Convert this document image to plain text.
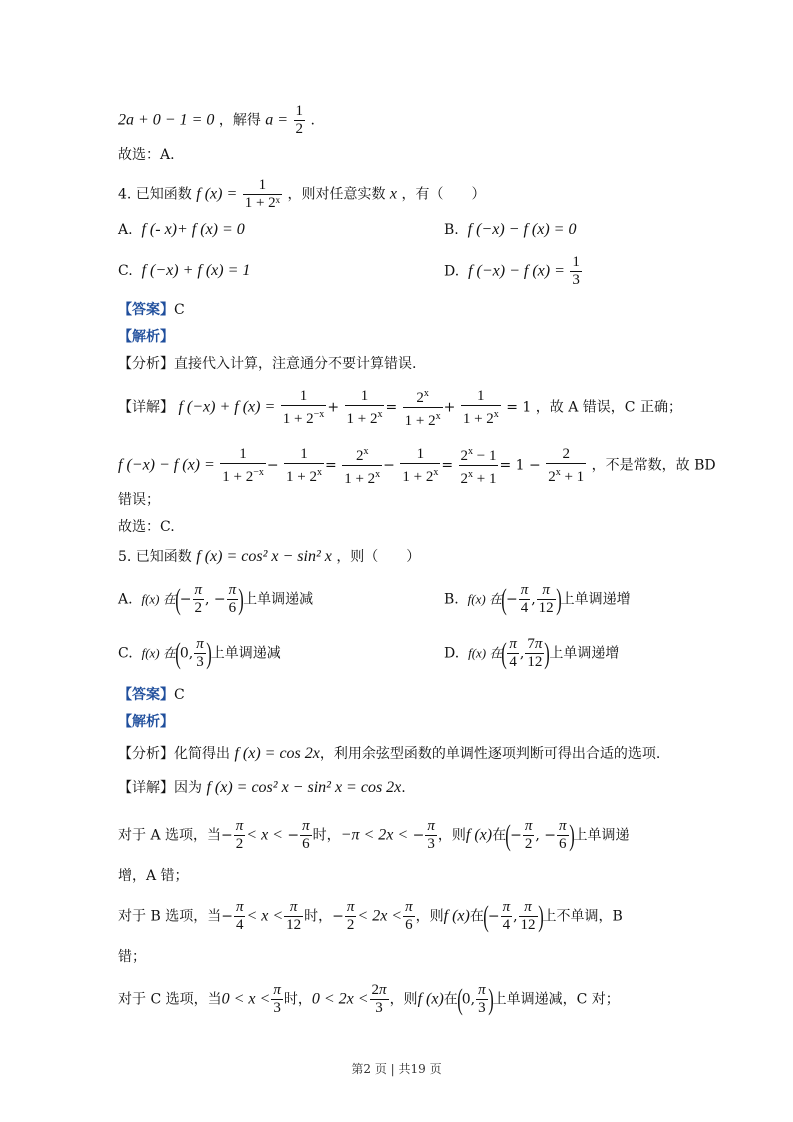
2a + 0 − 1 = 0 ，解得 $a = \frac{1}{2}$ .
故选：A.
4. 已知函数 f $(x) = \frac{1}{\text{1 + 2ˣ}}$ ，则对任意实数 x ，有（　　）
A. f (- x)+ f (x) = 0	B. f (−x) − f (x) = 0
C. f (−x) + f (x) = 1	D. f (−x) − f $(x) = \frac{1}{3}$
【答案】C
【解析】
【分析】直接代入计算，注意通分不要计算错误.
【详解】 f (−x) + f $(x) = \frac{1}{1 + 2^{-x}} + \frac{1}{1 + 2^x} = \frac{2^x}{1 + 2^x} + \frac{1}{1 + 2^x} = 1$ ，故 A 错误，C 正确；
f (−x) − f $(x) = \frac{1}{1 + 2^{-x}} - \frac{1}{1 + 2^x} = \frac{2^x}{1 + 2^x} - \frac{1}{1 + 2^x} = \frac{2^x - 1}{2^x + 1} = 1 - \frac{2}{2^x + 1}$ ，不是常数，故 BD
错误；
故选：C.
5. 已知函数 f (x) = cos² x − sin² x ，则（　　）
A. f(x) 在(− $\frac{\pi}{2}$ , − $\frac{\pi}{6}$ )上单调递减	B. f(x) 在(− $\frac{\pi}{4}$ , $\frac{\pi}{12}$ )上单调递增
C. f(x) 在(0, $\frac{\pi}{3}$ )上单调递减	D. f(x) 在( $\frac{\pi}{4}$ , $\frac{7\pi}{12}$ )上单调递增
【答案】C
【解析】
【分析】化简得出 f (x) = cos 2x，利用余弦型函数的单调性逐项判断可得出合适的选项.
【详解】因为 f (x) = cos² x − sin² x = cos 2x.
对于 A 选项，当− $\frac{\pi}{2} < x$ < − $\frac{\pi}{6}$ 时，−π < 2x < − $\frac{\pi}{3}$ ，则f (x)在(− $\frac{\pi}{2}$ , − $\frac{\pi}{6}$ )上单调递
增，A 错；
对于 B 选项，当− $\frac{\pi}{4} < x < \frac{\pi}{12}$ 时，− $\frac{\pi}{2} < 2x < \frac{\pi}{6}$ ，则f (x)在(− $\frac{\pi}{4}$ , $\frac{\pi}{12}$ )上不单调，B
错；
对于 C 选项，当$0 < x < \frac{\pi}{3}$ 时，$0 < 2x < \frac{2\pi}{3}$ ，则f (x)在(0, $\frac{\pi}{3}$ )上单调递减，C 对；
第2 页 | 共19 页
